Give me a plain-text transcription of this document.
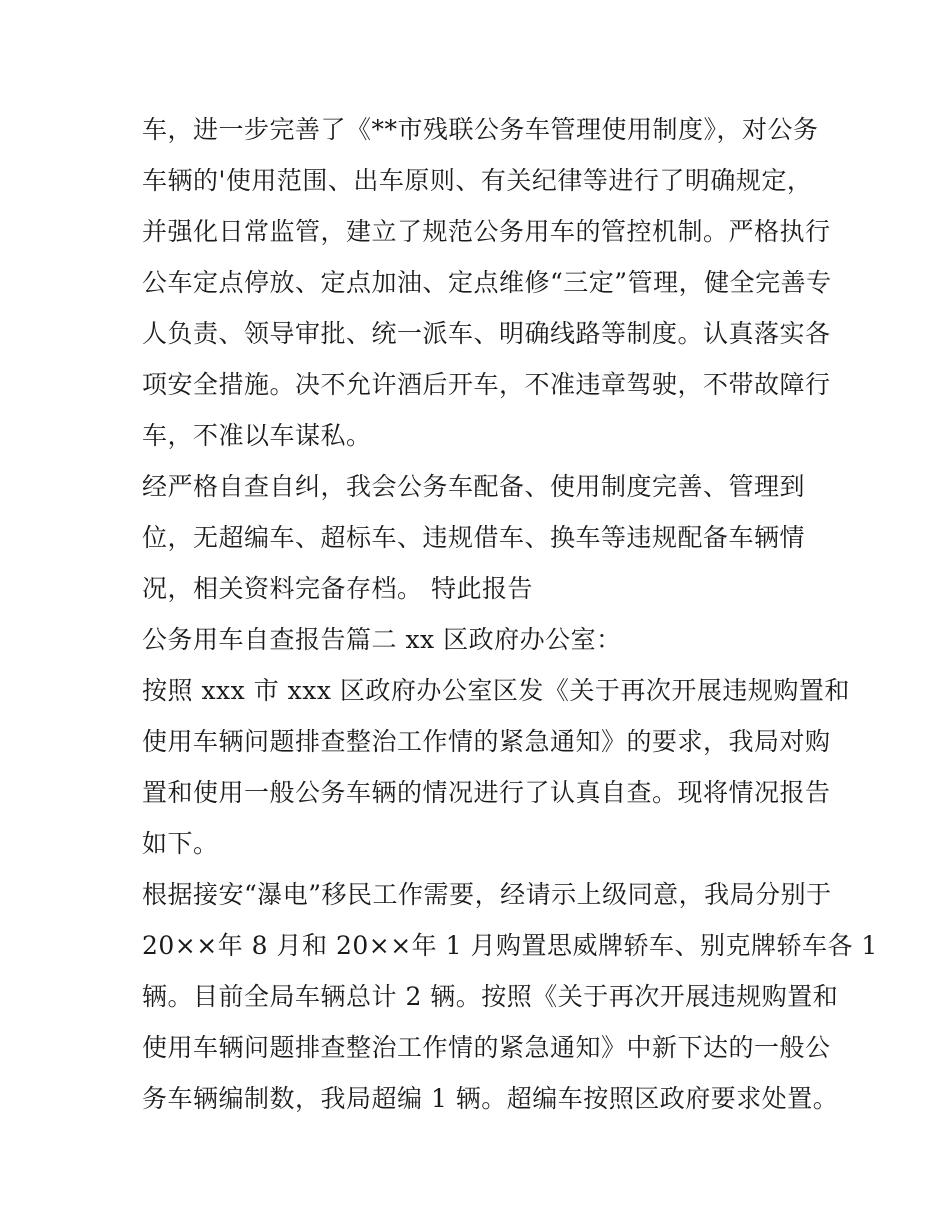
车，进一步完善了《**市残联公务车管理使用制度》，对公务
车辆的'使用范围、出车原则、有关纪律等进行了明确规定，
并强化日常监管，建立了规范公务用车的管控机制。严格执行
公车定点停放、定点加油、定点维修“三定”管理，健全完善专
人负责、领导审批、统一派车、明确线路等制度。认真落实各
项安全措施。决不允许酒后开车，不准违章驾驶，不带故障行
车，不准以车谋私。
经严格自查自纠，我会公务车配备、使用制度完善、管理到
位，无超编车、超标车、违规借车、换车等违规配备车辆情
况，相关资料完备存档。 特此报告
公务用车自查报告篇二 xx 区政府办公室：
按照 xxx 市 xxx 区政府办公室区发《关于再次开展违规购置和
使用车辆问题排查整治工作情的紧急通知》的要求，我局对购
置和使用一般公务车辆的情况进行了认真自查。现将情况报告
如下。
根据接安“瀑电”移民工作需要，经请示上级同意，我局分别于
20××年 8 月和 20××年 1 月购置思威牌轿车、别克牌轿车各 1
辆。目前全局车辆总计 2 辆。按照《关于再次开展违规购置和
使用车辆问题排查整治工作情的紧急通知》中新下达的一般公
务车辆编制数，我局超编 1 辆。超编车按照区政府要求处置。
